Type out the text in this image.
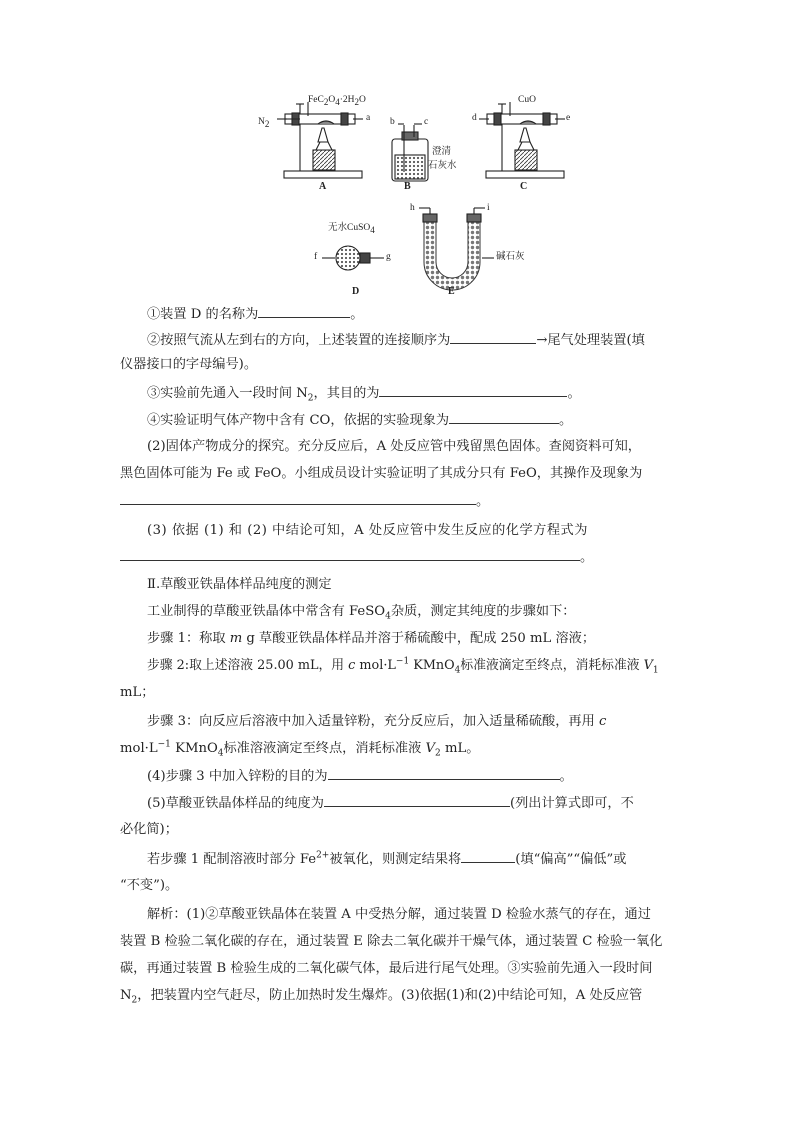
$N_2$
$FeC_2O_4\cdot 2H_2O$
a
A
b	c
澄清
石灰水
B
d
CuO
e
C
无水CuSO$_4$
f	g
D
h	i
碱石灰
E
①装置 D 的名称为	。
②按照气流从左到右的方向，上述装置的连接顺序为	→尾气处理装置(填
仪器接口的字母编号)。
③实验前先通入一段时间 $N_2$，其目的为	。
④实验证明气体产物中含有 CO，依据的实验现象为	。
(2)固体产物成分的探究。充分反应后，A 处反应管中残留黑色固体。查阅资料可知，
黑色固体可能为 Fe 或 FeO。小组成员设计实验证明了其成分只有 FeO，其操作及现象为
。
(3) 依据 (1) 和 (2) 中结论可知，A 处反应管中发生反应的化学方程式为
。
Ⅱ.草酸亚铁晶体样品纯度的测定
工业制得的草酸亚铁晶体中常含有 FeSO$_4$杂质，测定其纯度的步骤如下：
步骤 1：称取 m g 草酸亚铁晶体样品并溶于稀硫酸中，配成 250 mL 溶液；
步骤 2:取上述溶液 25.00 mL，用 c $mol\cdot L^{-1}$ KMnO$_4$标准液滴定至终点，消耗标准液 $V_1$
mL；
步骤 3：向反应后溶液中加入适量锌粉，充分反应后，加入适量稀硫酸，再用 c
$mol\cdot L^{-1}$ KMnO$_4$标准溶液滴定至终点，消耗标准液 $V_2$ mL。
(4)步骤 3 中加入锌粉的目的为	。
(5)草酸亚铁晶体样品的纯度为	(列出计算式即可，不
必化简)；
若步骤 1 配制溶液时部分 $Fe^{2+}$被氧化，则测定结果将	(填“偏高”“偏低”或
“不变”)。
解析：(1)②草酸亚铁晶体在装置 A 中受热分解，通过装置 D 检验水蒸气的存在，通过
装置 B 检验二氧化碳的存在，通过装置 E 除去二氧化碳并干燥气体，通过装置 C 检验一氧化
碳，再通过装置 B 检验生成的二氧化碳气体，最后进行尾气处理。③实验前先通入一段时间
$N_2$，把装置内空气赶尽，防止加热时发生爆炸。(3)依据(1)和(2)中结论可知，A 处反应管
